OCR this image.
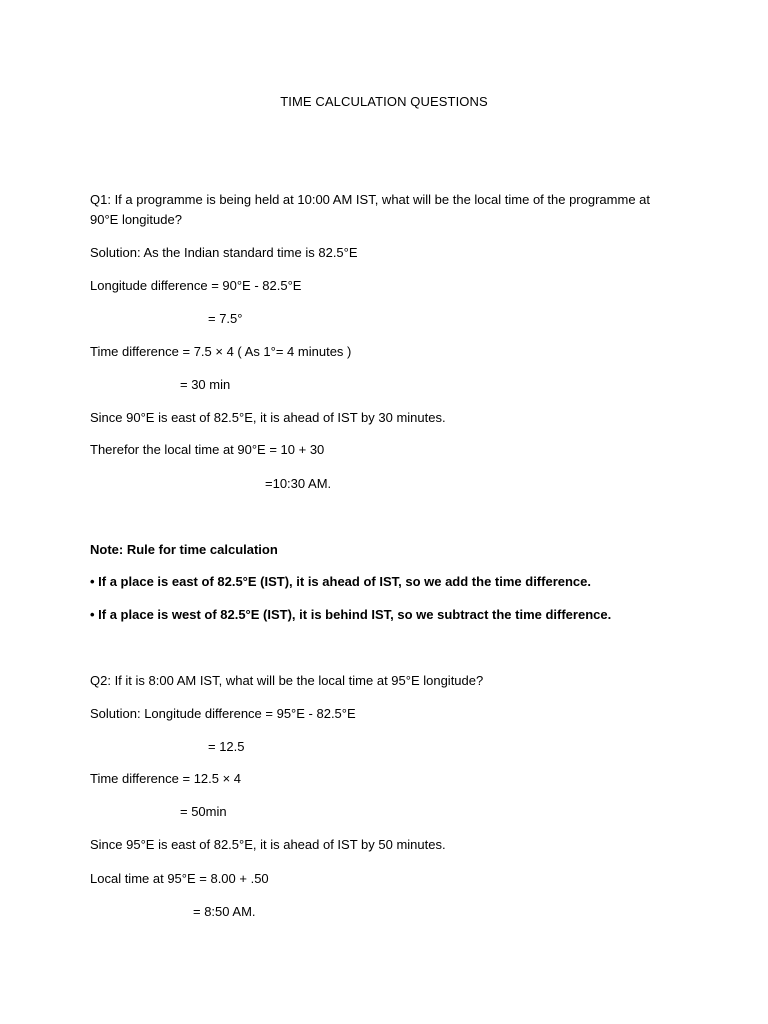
TIME CALCULATION QUESTIONS
Q1: If a programme is being held at 10:00 AM IST, what will be the local time of the programme at 90°E longitude?
Solution: As the Indian standard time is 82.5°E
Longitude difference = 90°E - 82.5°E
= 7.5°
Time difference = 7.5 × 4 ( As 1°= 4 minutes )
= 30 min
Since 90°E is east of 82.5°E, it is ahead of IST by 30 minutes.
Therefor the local time at 90°E = 10 + 30
=10:30 AM.
Note: Rule for time calculation
• If a place is east of 82.5°E (IST), it is ahead of IST, so we add the time difference.
• If a place is west of 82.5°E (IST), it is behind IST, so we subtract the time difference.
Q2: If it is 8:00 AM IST, what will be the local time at 95°E longitude?
Solution: Longitude difference = 95°E - 82.5°E
= 12.5
Time difference = 12.5 × 4
= 50min
Since 95°E is east of 82.5°E, it is ahead of IST by 50 minutes.
Local time at 95°E = 8.00 + .50
= 8:50 AM.
